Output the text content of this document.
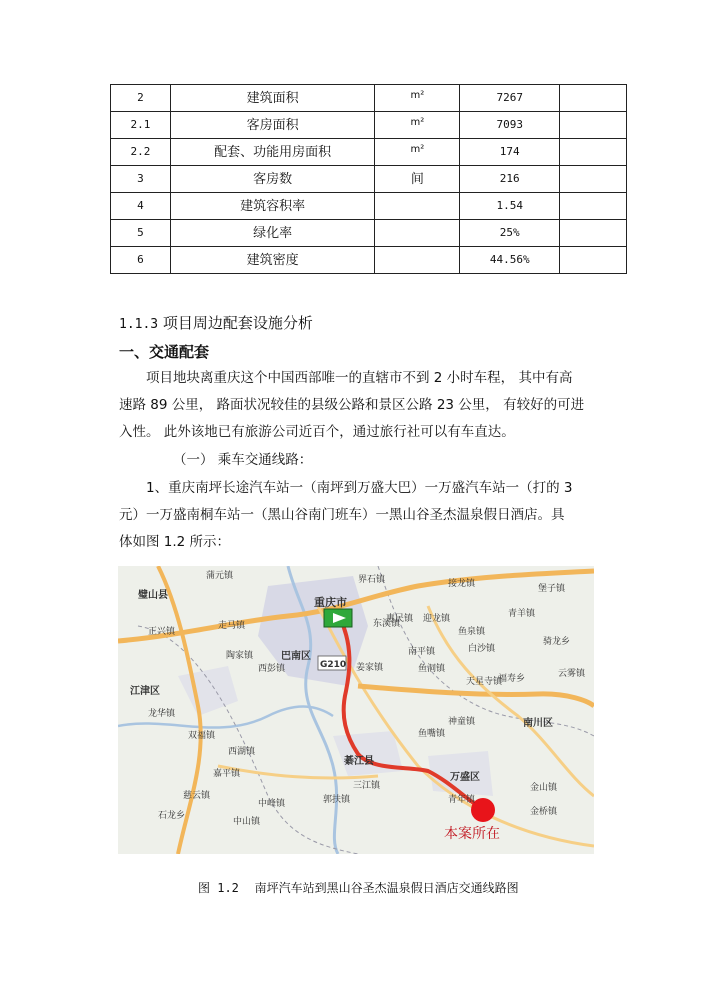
2	建筑面积	m²	7267	
2.1	客房面积	m²	7093	
2.2	配套、功能用房面积	m²	174	
3	客房数	间	216	
4	建筑容积率		1.54	
5	绿化率		25%	
6	建筑密度		44.56%	
1.1.3 项目周边配套设施分析
一、交通配套
项目地块离重庆这个中国西部唯一的直辖市不到 2 小时车程， 其中有高
速路 89 公里， 路面状况较佳的县级公路和景区公路 23 公里， 有较好的可进
入性。 此外该地已有旅游公司近百个，通过旅行社可以有车直达。
（一） 乘车交通线路：
1、重庆南坪长途汽车站一（南坪到万盛大巴）一万盛汽车站一（打的 3
元）一万盛南桐车站一（黑山谷南门班车）一黑山谷圣杰温泉假日酒店。具
体如图 1.2 所示：
重庆市
巴南区
江津区
璧山县
綦江县
万盛区
南川区
G210
本案所在
蒲元镇
走马镇
正兴镇
陶家镇
西彭镇
龙华镇
双福镇
西湖镇
嘉平镇
慈云镇
石龙乡
中山镇
中峰镇	郭扶镇
三江镇
青年镇
金桥镇
金山镇
东溪镇
南平镇
鱼洞镇
姜家镇
界石镇
惠民镇 迎龙镇
鱼泉镇
白沙镇
天星寺镇
福寿乡
神童镇
青羊镇
骑龙乡
堡子镇
云雾镇
接龙镇
鱼嘴镇
图 1.2 南坪汽车站到黑山谷圣杰温泉假日酒店交通线路图
